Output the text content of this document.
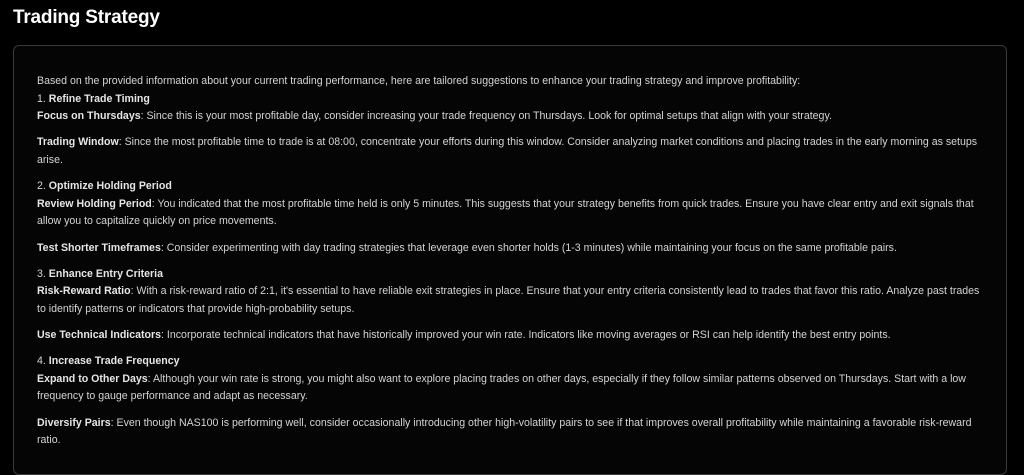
Trading Strategy

Based on the provided information about your current trading performance, here are tailored suggestions to enhance your trading strategy and improve profitability:

1. Refine Trade Timing

Focus on Thursdays: Since this is your most profitable day, consider increasing your trade frequency on Thursdays. Look for optimal setups that align with your strategy.

Trading Window: Since the most profitable time to trade is at 08:00, concentrate your efforts during this window. Consider analyzing market conditions and placing trades in the early morning as setups arise.

2. Optimize Holding Period

Review Holding Period: You indicated that the most profitable time held is only 5 minutes. This suggests that your strategy benefits from quick trades. Ensure you have clear entry and exit signals that allow you to capitalize quickly on price movements.

Test Shorter Timeframes: Consider experimenting with day trading strategies that leverage even shorter holds (1-3 minutes) while maintaining your focus on the same profitable pairs.

3. Enhance Entry Criteria

Risk-Reward Ratio: With a risk-reward ratio of 2:1, it's essential to have reliable exit strategies in place. Ensure that your entry criteria consistently lead to trades that favor this ratio. Analyze past trades to identify patterns or indicators that provide high-probability setups.

Use Technical Indicators: Incorporate technical indicators that have historically improved your win rate. Indicators like moving averages or RSI can help identify the best entry points.

4. Increase Trade Frequency

Expand to Other Days: Although your win rate is strong, you might also want to explore placing trades on other days, especially if they follow similar patterns observed on Thursdays. Start with a low frequency to gauge performance and adapt as necessary.

Diversify Pairs: Even though NAS100 is performing well, consider occasionally introducing other high-volatility pairs to see if that improves overall profitability while maintaining a favorable risk-reward ratio.
